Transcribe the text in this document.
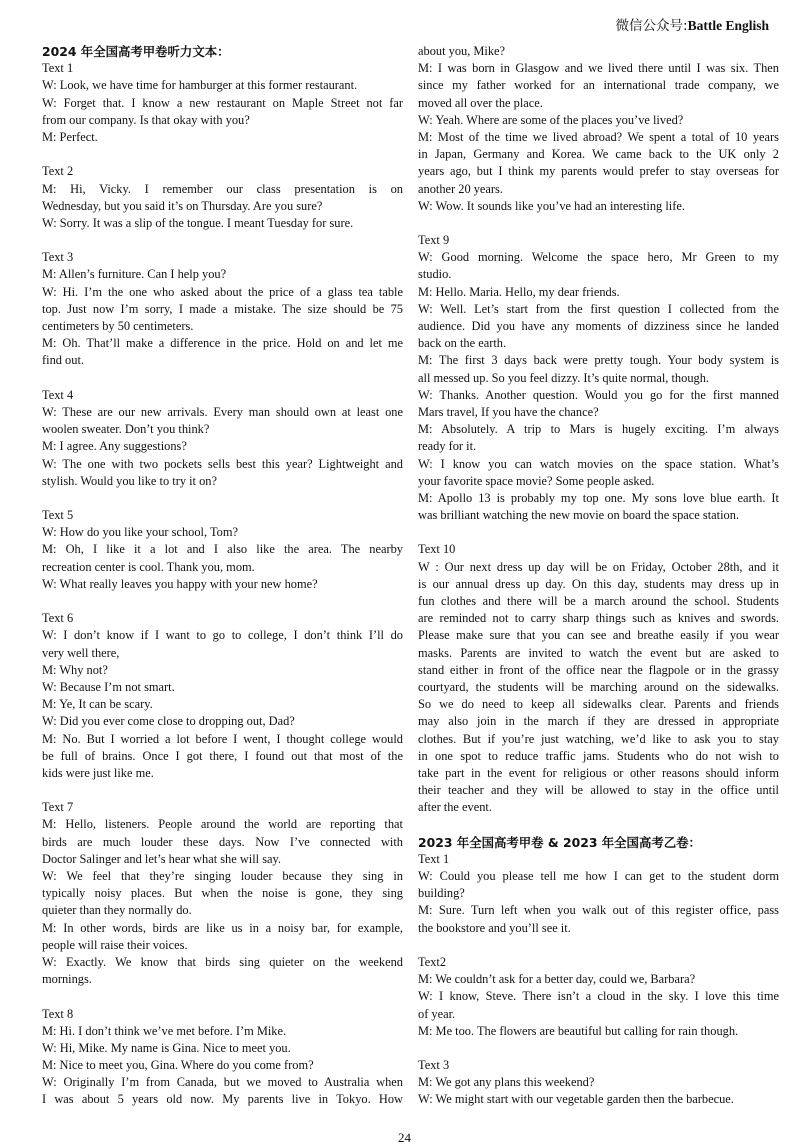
微信公众号:Battle English
2024 年全国高考甲卷听力文本：
Text 1
W: Look, we have time for hamburger at this former restaurant.
W: Forget that. I know a new restaurant on Maple Street not far
from our company. Is that okay with you?
M: Perfect.
Text 2
M: Hi, Vicky. I remember our class presentation is on
Wednesday, but you said it’s on Thursday. Are you sure?
W: Sorry. It was a slip of the tongue. I meant Tuesday for sure.
Text 3
M: Allen’s furniture. Can I help you?
W: Hi. I’m the one who asked about the price of a glass tea table
top. Just now I’m sorry, I made a mistake. The size should be 75
centimeters by 50 centimeters.
M: Oh. That’ll make a difference in the price. Hold on and let me
find out.
Text 4
W: These are our new arrivals. Every man should own at least one
woolen sweater. Don’t you think?
M: I agree. Any suggestions?
W: The one with two pockets sells best this year? Lightweight and
stylish. Would you like to try it on?
Text 5
W: How do you like your school, Tom?
M: Oh, I like it a lot and I also like the area. The nearby
recreation center is cool. Thank you, mom.
W: What really leaves you happy with your new home?
Text 6
W: I don’t know if I want to go to college, I don’t think I’ll do
very well there,
M: Why not?
W: Because I’m not smart.
M: Ye, It can be scary.
W: Did you ever come close to dropping out, Dad?
M: No. But I worried a lot before I went, I thought college would
be full of brains. Once I got there, I found out that most of the
kids were just like me.
Text 7
M: Hello, listeners. People around the world are reporting that
birds are much louder these days. Now I’ve connected with
Doctor Salinger and let’s hear what she will say.
W: We feel that they’re singing louder because they sing in
typically noisy places. But when the noise is gone, they sing
quieter than they normally do.
M: In other words, birds are like us in a noisy bar, for example,
people will raise their voices.
W: Exactly. We know that birds sing quieter on the weekend
mornings.
Text 8
M: Hi. I don’t think we’ve met before. I’m Mike.
W: Hi, Mike. My name is Gina. Nice to meet you.
M: Nice to meet you, Gina. Where do you come from?
W: Originally I’m from Canada, but we moved to Australia when
I was about 5 years old now. My parents live in Tokyo. How
about you, Mike?
M: I was born in Glasgow and we lived there until I was six. Then
since my father worked for an international trade company, we
moved all over the place.
W: Yeah. Where are some of the places you’ve lived?
M: Most of the time we lived abroad? We spent a total of 10 years
in Japan, Germany and Korea. We came back to the UK only 2
years ago, but I think my parents would prefer to stay overseas for
another 20 years.
W: Wow. It sounds like you’ve had an interesting life.
Text 9
W: Good morning. Welcome the space hero, Mr Green to my
studio.
M: Hello. Maria. Hello, my dear friends.
W: Well. Let’s start from the first question I collected from the
audience. Did you have any moments of dizziness since he landed
back on the earth.
M: The first 3 days back were pretty tough. Your body system is
all messed up. So you feel dizzy. It’s quite normal, though.
W: Thanks. Another question. Would you go for the first manned
Mars travel, If you have the chance?
M: Absolutely. A trip to Mars is hugely exciting. I’m always
ready for it.
W: I know you can watch movies on the space station. What’s
your favorite space movie? Some people asked.
M: Apollo 13 is probably my top one. My sons love blue earth. It
was brilliant watching the new movie on board the space station.
Text 10
W : Our next dress up day will be on Friday, October 28th, and it
is our annual dress up day. On this day, students may dress up in
fun clothes and there will be a march around the school. Students
are reminded not to carry sharp things such as knives and swords.
Please make sure that you can see and breathe easily if you wear
masks. Parents are invited to watch the event but are asked to
stand either in front of the office near the flagpole or in the grassy
courtyard, the students will be marching around on the sidewalks.
So we do need to keep all sidewalks clear. Parents and friends
may also join in the march if they are dressed in appropriate
clothes. But if you’re just watching, we’d like to ask you to stay
in one spot to reduce traffic jams. Students who do not wish to
take part in the event for religious or other reasons should inform
their teacher and they will be allowed to stay in the office until
after the event.
2023 年全国高考甲卷 & 2023 年全国高考乙卷：
Text 1
W: Could you please tell me how I can get to the student dorm
building?
M: Sure. Turn left when you walk out of this register office, pass
the bookstore and you’ll see it.
Text2
M: We couldn’t ask for a better day, could we, Barbara?
W: I know, Steve. There isn’t a cloud in the sky. I love this time
of year.
M: Me too. The flowers are beautiful but calling for rain though.
Text 3
M: We got any plans this weekend?
W: We might start with our vegetable garden then the barbecue.
24
